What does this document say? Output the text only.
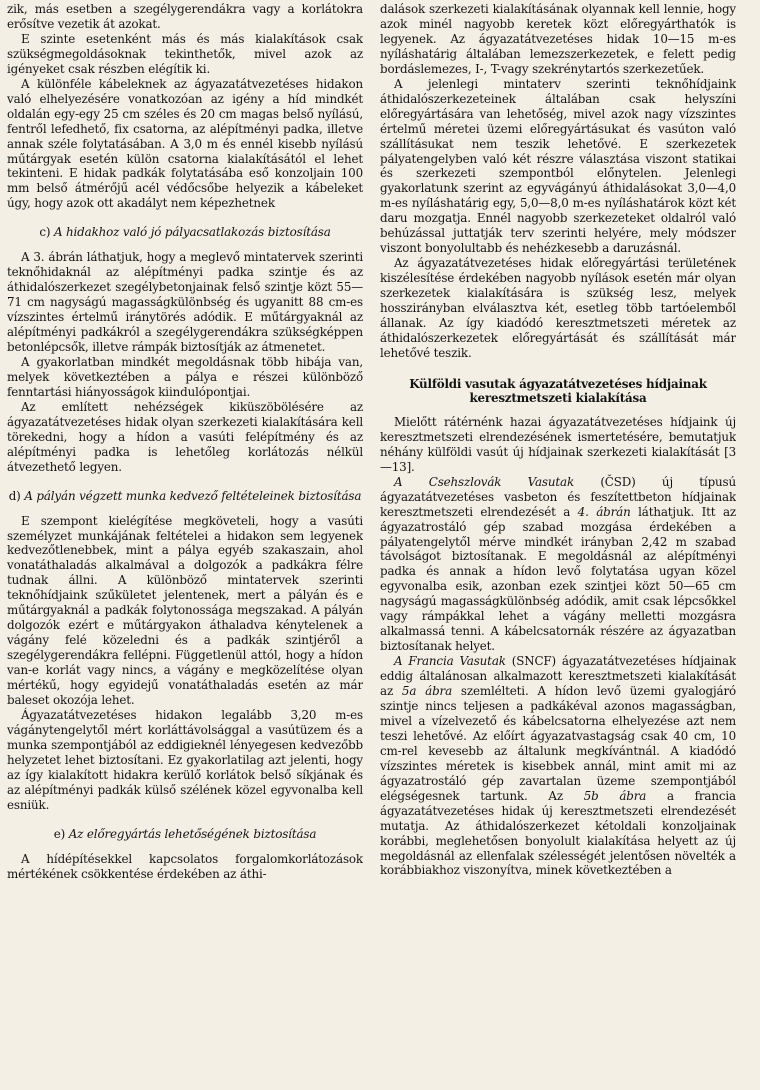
zik, más esetben a szegélygerendákra vagy a korlátokra erősítve vezetik át azokat.

E szinte esetenként más és más kialakítások csak szükségmegoldásoknak tekinthetők, mivel azok az igényeket csak részben elégítik ki.

A különféle kábeleknek az ágyazatátvezetéses hidakon való elhelyezésére vonatkozóan az igény a híd mindkét oldalán egy-egy 25 cm széles és 20 cm magas belső nyílású, fentről lefedhető, fix csatorna, az alépítményi padka, illetve annak széle folytatásában. A 3,0 m és ennél kisebb nyílású műtárgyak esetén külön csatorna kialakításától el lehet tekinteni. E hidak padkák folytatásába eső konzoljain 100 mm belső átmérőjű acél védőcsőbe helyezik a kábeleket úgy, hogy azok ott akadályt nem képezhetnek

c) A hidakhoz való jó pályacsatlakozás biztosítása

A 3. ábrán láthatjuk, hogy a meglevő mintatervek szerinti teknőhidaknál az alépítményi padka szintje és az áthidalószerkezet szegélybetonjainak felső szintje közt 55—71 cm nagyságú magasságkülönbség és ugyanitt 88 cm-es vízszintes értelmű iránytörés adódik. E műtárgyaknál az alépítményi padkákról a szegélygerendákra szükségképpen betonlépcsők, illetve rámpák biztosítják az átmenetet.

A gyakorlatban mindkét megoldásnak több hibája van, melyek következtében a pálya e részei különböző fenntartási hiányosságok kiindulópontjai.

Az említett nehézségek kiküszöbölésére az ágyazatátvezetéses hidak olyan szerkezeti kialakítására kell törekedni, hogy a hídon a vasúti felépítmény és az alépítményi padka is lehetőleg korlátozás nélkül átvezethető legyen.

d) A pályán végzett munka kedvező feltételeinek biztosítása

E szempont kielégítése megköveteli, hogy a vasúti személyzet munkájának feltételei a hidakon sem legyenek kedvezőtlenebbek, mint a pálya egyéb szakaszain, ahol vonatáthaladás alkalmával a dolgozók a padkákra félre tudnak állni. A különböző mintatervek szerinti teknőhídjaink szűkületet jelentenek, mert a pályán és e műtárgyaknál a padkák folytonossága megszakad. A pályán dolgozók ezért e műtárgyakon áthaladva kénytelenek a vágány felé közeledni és a padkák szintjéről a szegélygerendákra fellépni. Függetlenül attól, hogy a hídon van-e korlát vagy nincs, a vágány e megközelítése olyan mértékű, hogy egyidejű vonatáthaladás esetén az már baleset okozója lehet.

Ágyazatátvezetéses hidakon legalább 3,20 m-es vágánytengelytől mért korláttávolsággal a vasútüzem és a munka szempontjából az eddigieknél lényegesen kedvezőbb helyzetet lehet biztosítani. Ez gyakorlatilag azt jelenti, hogy az így kialakított hidakra kerülő korlátok belső síkjának és az alépítményi padkák külső szélének közel egyvonalba kell esniük.

e) Az előregyártás lehetőségének biztosítása

A hídépítésekkel kapcsolatos forgalomkorlátozások mértékének csökkentése érdekében az áthi-

dalások szerkezeti kialakításának olyannak kell lennie, hogy azok minél nagyobb keretek közt előregyárthatók is legyenek. Az ágyazatátvezetéses hidak 10—15 m-es nyíláshatárig általában lemezszerkezetek, e felett pedig bordáslemezes, I-, T-vagy szekrénytartós szerkezetűek.

A jelenlegi mintaterv szerinti teknőhídjaink áthidalószerkezeteinek általában csak helyszíni előregyártására van lehetőség, mivel azok nagy vízszintes értelmű méretei üzemi előregyártásukat és vasúton való szállításukat nem teszik lehetővé. E szerkezetek pályatengelyben való két részre választása viszont statikai és szerkezeti szempontból előnytelen. Jelenlegi gyakorlatunk szerint az egyvágányú áthidalásokat 3,0—4,0 m-es nyíláshatárig egy, 5,0—8,0 m-es nyíláshatárok közt két daru mozgatja. Ennél nagyobb szerkezeteket oldalról való behúzással juttatják terv szerinti helyére, mely módszer viszont bonyolultabb és nehézkesebb a daruzásnál.

Az ágyazatátvezetéses hidak előregyártási területének kiszélesítése érdekében nagyobb nyílások esetén már olyan szerkezetek kialakítására is szükség lesz, melyek hosszirányban elválasztva két, esetleg több tartóelemből állanak. Az így kiadódó keresztmetszeti méretek az áthidalószerkezetek előregyártását és szállítását már lehetővé teszik.

Külföldi vasutak ágyazatátvezetéses hídjainak keresztmetszeti kialakítása

Mielőtt rátérnénk hazai ágyazatátvezetéses hídjaink új keresztmetszeti elrendezésének ismertetésére, bemutatjuk néhány külföldi vasút új hídjainak szerkezeti kialakítását [3—13].

A Csehszlovák Vasutak (ČSD) új típusú ágyazatátvezetéses vasbeton és feszítettbeton hídjainak keresztmetszeti elrendezését a 4. ábrán láthatjuk. Itt az ágyazatrostáló gép szabad mozgása érdekében a pályatengelytől mérve mindkét irányban 2,42 m szabad távolságot biztosítanak. E megoldásnál az alépítményi padka és annak a hídon levő folytatása ugyan közel egyvonalba esik, azonban ezek szintjei közt 50—65 cm nagyságú magasságkülönbség adódik, amit csak lépcsőkkel vagy rámpákkal lehet a vágány melletti mozgásra alkalmassá tenni. A kábelcsatornák részére az ágyazatban biztosítanak helyet.

A Francia Vasutak (SNCF) ágyazatátvezetéses hídjainak eddig általánosan alkalmazott keresztmetszeti kialakítását az 5a ábra szemlélteti. A hídon levő üzemi gyalogjáró szintje nincs teljesen a padkákéval azonos magasságban, mivel a vízelvezető és kábelcsatorna elhelyezése azt nem teszi lehetővé. Az előírt ágyazatvastagság csak 40 cm, 10 cm-rel kevesebb az általunk megkívántnál. A kiadódó vízszintes méretek is kisebbek annál, mint amit mi az ágyazatrostáló gép zavartalan üzeme szempontjából elégségesnek tartunk. Az 5b ábra a francia ágyazatátvezetéses hidak új keresztmetszeti elrendezését mutatja. Az áthidalószerkezet kétoldali konzoljainak korábbi, meglehetősen bonyolult kialakítása helyett az új megoldásnál az ellenfalak szélességét jelentősen növelték a korábbiakhoz viszonyítva, minek következtében a
